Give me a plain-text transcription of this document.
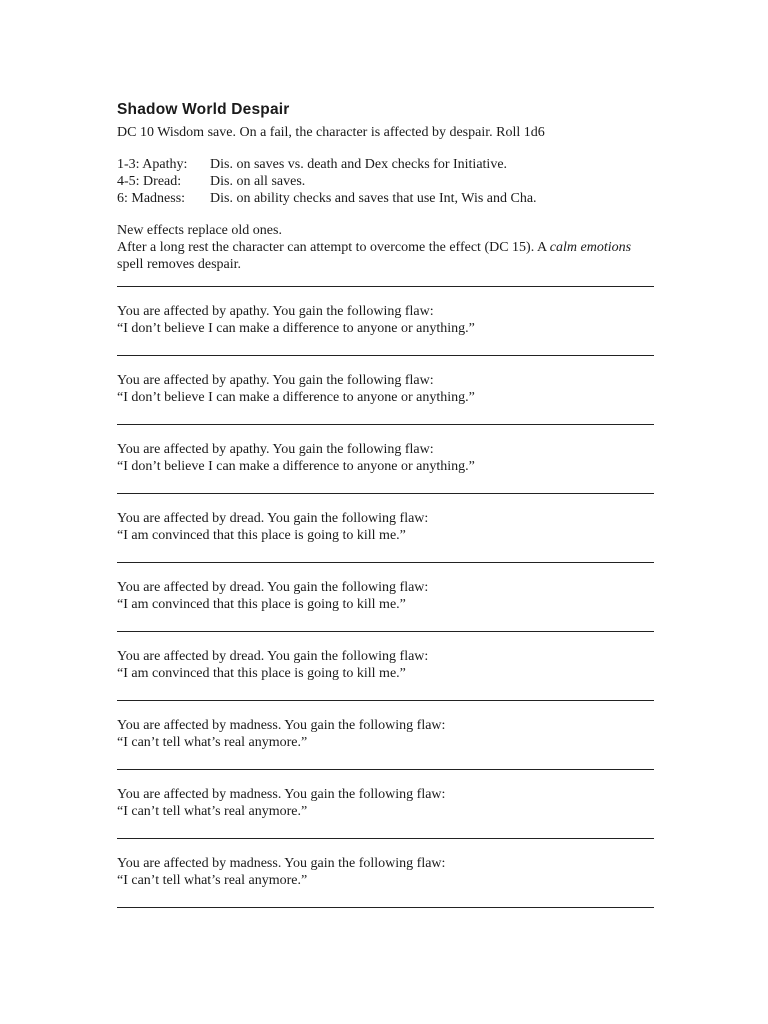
Shadow World Despair

DC 10 Wisdom save. On a fail, the character is affected by despair. Roll 1d6

1-3: Apathy:	Dis. on saves vs. death and Dex checks for Initiative.
4-5: Dread:	Dis. on all saves.
6: Madness:	Dis. on ability checks and saves that use Int, Wis and Cha.

New effects replace old ones.

After a long rest the character can attempt to overcome the effect (DC 15). A calm emotions spell removes despair.

You are affected by apathy. You gain the following flaw:

“I don’t believe I can make a difference to anyone or anything.”

You are affected by apathy. You gain the following flaw:

“I don’t believe I can make a difference to anyone or anything.”

You are affected by apathy. You gain the following flaw:

“I don’t believe I can make a difference to anyone or anything.”

You are affected by dread. You gain the following flaw:

“I am convinced that this place is going to kill me.”

You are affected by dread. You gain the following flaw:

“I am convinced that this place is going to kill me.”

You are affected by dread. You gain the following flaw:

“I am convinced that this place is going to kill me.”

You are affected by madness. You gain the following flaw:

“I can’t tell what’s real anymore.”

You are affected by madness. You gain the following flaw:

“I can’t tell what’s real anymore.”

You are affected by madness. You gain the following flaw:

“I can’t tell what’s real anymore.”
